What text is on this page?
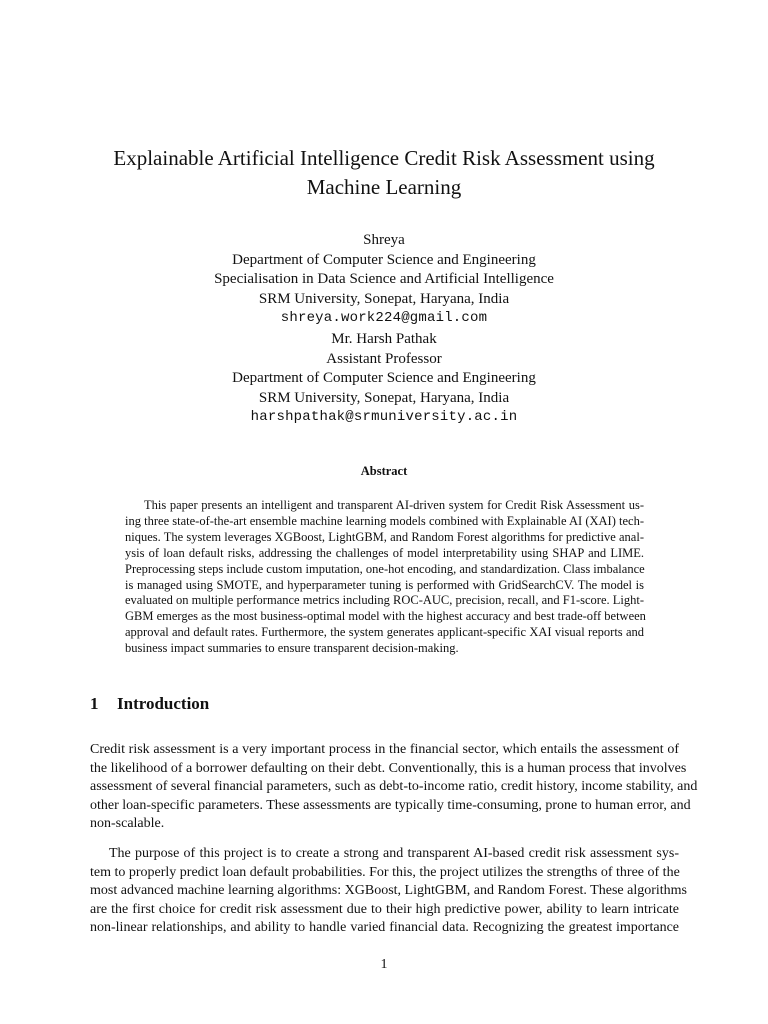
Explainable Artificial Intelligence Credit Risk Assessment using
Machine Learning
Shreya
Department of Computer Science and Engineering
Specialisation in Data Science and Artificial Intelligence
SRM University, Sonepat, Haryana, India
shreya.work224@gmail.com
Mr. Harsh Pathak
Assistant Professor
Department of Computer Science and Engineering
SRM University, Sonepat, Haryana, India
harshpathak@srmuniversity.ac.in
Abstract

This paper presents an intelligent and transparent AI-driven system for Credit Risk Assessment us-
ing three state-of-the-art ensemble machine learning models combined with Explainable AI (XAI) tech-
niques. The system leverages XGBoost, LightGBM, and Random Forest algorithms for predictive anal-
ysis of loan default risks, addressing the challenges of model interpretability using SHAP and LIME.
Preprocessing steps include custom imputation, one-hot encoding, and standardization. Class imbalance
is managed using SMOTE, and hyperparameter tuning is performed with GridSearchCV. The model is
evaluated on multiple performance metrics including ROC-AUC, precision, recall, and F1-score. Light-
GBM emerges as the most business-optimal model with the highest accuracy and best trade-off between
approval and default rates. Furthermore, the system generates applicant-specific XAI visual reports and
business impact summaries to ensure transparent decision-making.

1 Introduction

Credit risk assessment is a very important process in the financial sector, which entails the assessment of
the likelihood of a borrower defaulting on their debt. Conventionally, this is a human process that involves
assessment of several financial parameters, such as debt-to-income ratio, credit history, income stability, and
other loan-specific parameters. These assessments are typically time-consuming, prone to human error, and
non-scalable.

The purpose of this project is to create a strong and transparent AI-based credit risk assessment sys-
tem to properly predict loan default probabilities. For this, the project utilizes the strengths of three of the
most advanced machine learning algorithms: XGBoost, LightGBM, and Random Forest. These algorithms
are the first choice for credit risk assessment due to their high predictive power, ability to learn intricate
non-linear relationships, and ability to handle varied financial data. Recognizing the greatest importance

1
